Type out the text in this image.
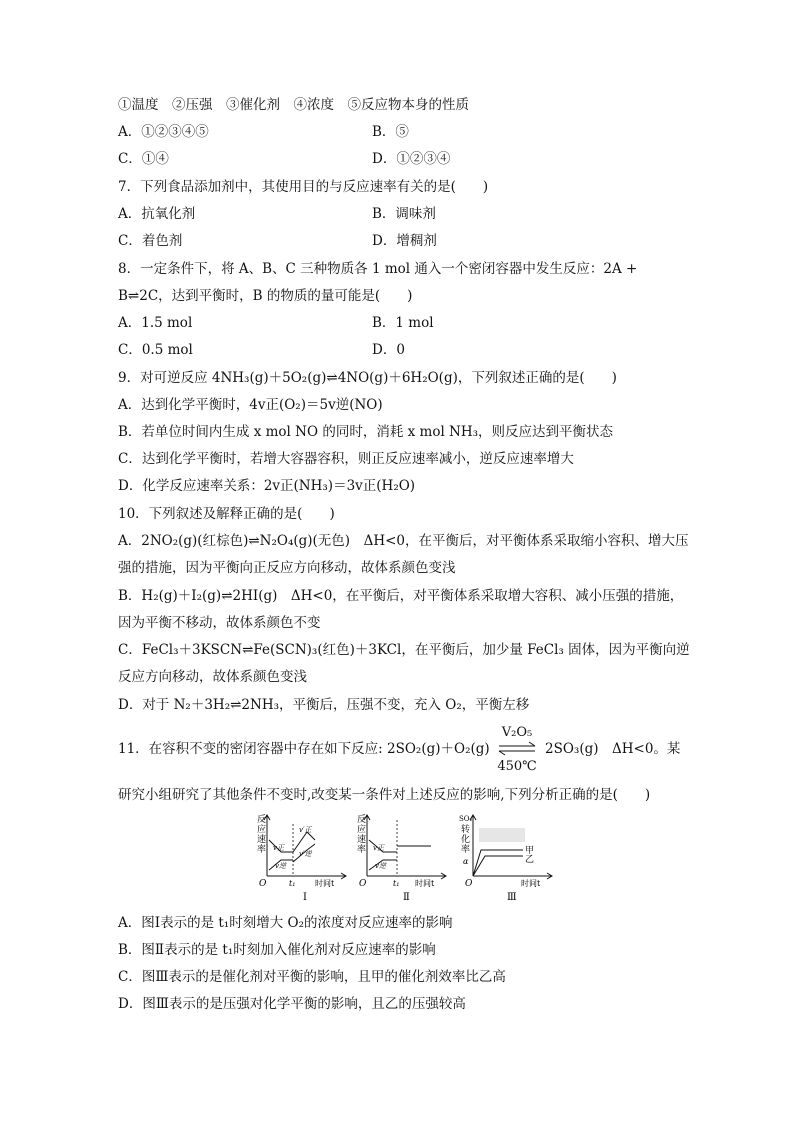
①温度　②压强　③催化剂　④浓度　⑤反应物本身的性质
A．①②③④⑤	B．⑤
C．①④	D．①②③④
7．下列食品添加剂中，其使用目的与反应速率有关的是(　　)
A．抗氧化剂	B．调味剂
C．着色剂	D．增稠剂
8．一定条件下，将 A、B、C 三种物质各 1 mol 通入一个密闭容器中发生反应：2A +
B⇌2C，达到平衡时，B 的物质的量可能是(　　)
A．1.5 mol	B．1 mol
C．0.5 mol	D．0
9．对可逆反应 4NH₃(g)＋5O₂(g)⇌4NO(g)＋6H₂O(g)，下列叙述正确的是(　　)
A．达到化学平衡时，4v正(O₂)＝5v逆(NO)
B．若单位时间内生成 x mol NO 的同时，消耗 x mol NH₃，则反应达到平衡状态
C．达到化学平衡时，若增大容器容积，则正反应速率减小，逆反应速率增大
D．化学反应速率关系：2v正(NH₃)＝3v正(H₂O)
10．下列叙述及解释正确的是(　　)
A．2NO₂(g)(红棕色)⇌N₂O₄(g)(无色)　ΔH<0，在平衡后，对平衡体系采取缩小容积、增大压
强的措施，因为平衡向正反应方向移动，故体系颜色变浅
B．H₂(g)＋I₂(g)⇌2HI(g)　ΔH<0，在平衡后，对平衡体系采取增大容积、减小压强的措施，
因为平衡不移动，故体系颜色不变
C．FeCl₃＋3KSCN⇌Fe(SCN)₃(红色)＋3KCl，在平衡后，加少量 FeCl₃ 固体，因为平衡向逆
反应方向移动，故体系颜色变浅
D．对于 N₂＋3H₂⇌2NH₃，平衡后，压强不变，充入 O₂，平衡左移
11．在容积不变的密闭容器中存在如下反应: 2SO₂(g)＋O₂(g)
V₂O₅
450℃
2SO₃(g)　ΔH<0。某
研究小组研究了其他条件不变时,改变某一条件对上述反应的影响,下列分析正确的是(　　)
反
应
速
率 v正
v逆
v′正
v′逆
O	t₁ 时间t
Ⅰ
反
应
速
率 v正
v逆
O	t₁ 时间t
Ⅱ
SO₂
转
化
率
α
甲
乙
O	时间t
Ⅲ
A．图Ⅰ表示的是 t₁时刻增大 O₂的浓度对反应速率的影响
B．图Ⅱ表示的是 t₁时刻加入催化剂对反应速率的影响
C．图Ⅲ表示的是催化剂对平衡的影响，且甲的催化剂效率比乙高
D．图Ⅲ表示的是压强对化学平衡的影响，且乙的压强较高
